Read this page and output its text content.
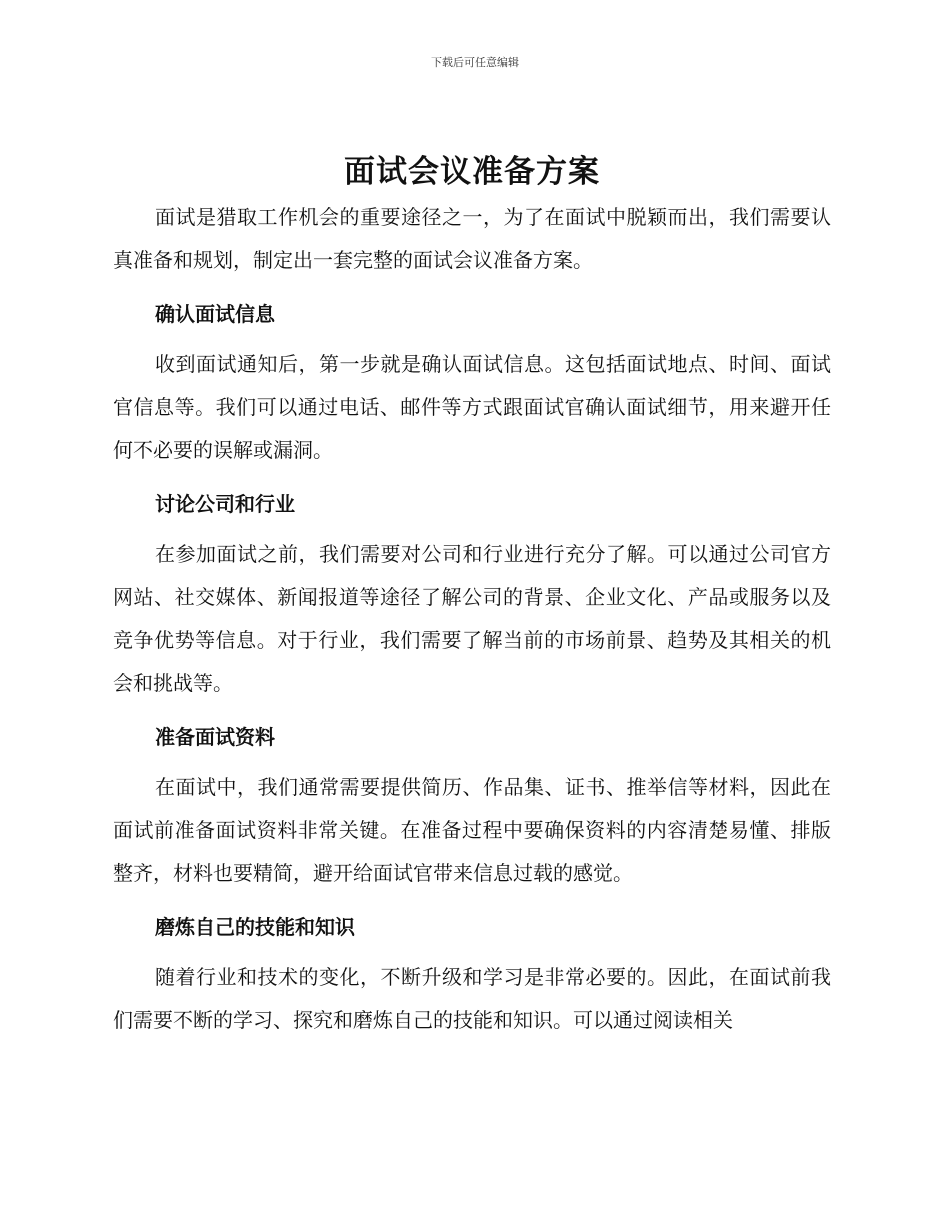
下载后可任意编辑
面试会议准备方案

面试是猎取工作机会的重要途径之一，为了在面试中脱颖而出，我们需要认真准备和规划，制定出一套完整的面试会议准备方案。

确认面试信息

收到面试通知后，第一步就是确认面试信息。这包括面试地点、时间、面试官信息等。我们可以通过电话、邮件等方式跟面试官确认面试细节，用来避开任何不必要的误解或漏洞。

讨论公司和行业

在参加面试之前，我们需要对公司和行业进行充分了解。可以通过公司官方网站、社交媒体、新闻报道等途径了解公司的背景、企业文化、产品或服务以及竞争优势等信息。对于行业，我们需要了解当前的市场前景、趋势及其相关的机会和挑战等。

准备面试资料

在面试中，我们通常需要提供简历、作品集、证书、推举信等材料，因此在面试前准备面试资料非常关键。在准备过程中要确保资料的内容清楚易懂、排版整齐，材料也要精简，避开给面试官带来信息过载的感觉。

磨炼自己的技能和知识

随着行业和技术的变化，不断升级和学习是非常必要的。因此，在面试前我们需要不断的学习、探究和磨炼自己的技能和知识。可以通过阅读相关
